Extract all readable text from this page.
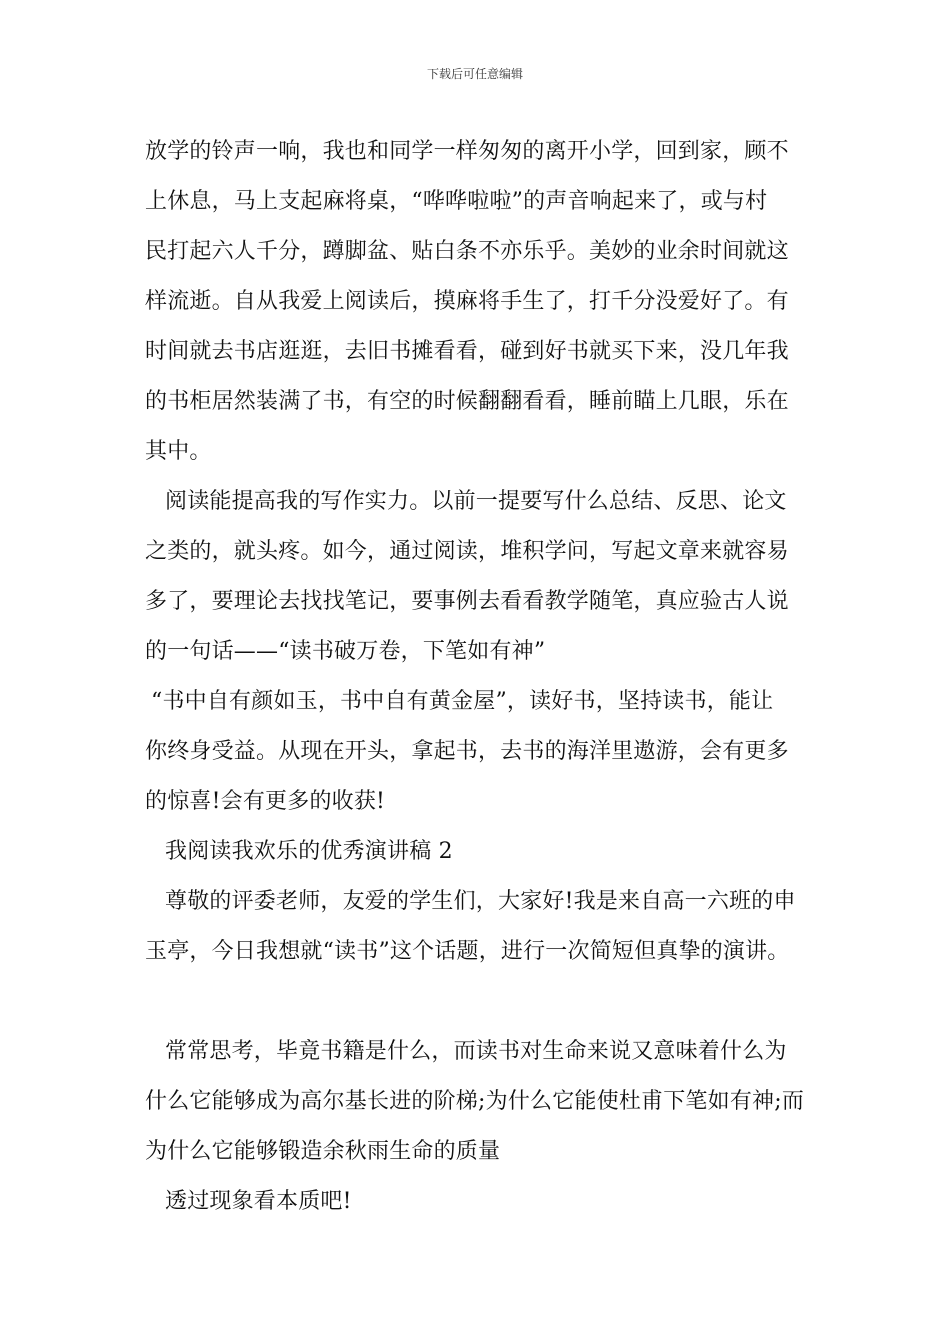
下载后可任意编辑
放学的铃声一响，我也和同学一样匆匆的离开小学，回到家，顾不
上休息，马上支起麻将桌，“哗哗啦啦”的声音响起来了，或与村
民打起六人千分，蹲脚盆、贴白条不亦乐乎。美妙的业余时间就这
样流逝。自从我爱上阅读后，摸麻将手生了，打千分没爱好了。有
时间就去书店逛逛，去旧书摊看看，碰到好书就买下来，没几年我
的书柜居然装满了书，有空的时候翻翻看看，睡前瞄上几眼，乐在
其中。
阅读能提高我的写作实力。以前一提要写什么总结、反思、论文
之类的，就头疼。如今，通过阅读，堆积学问，写起文章来就容易
多了，要理论去找找笔记，要事例去看看教学随笔，真应验古人说
的一句话——“读书破万卷，下笔如有神”
“书中自有颜如玉，书中自有黄金屋”，读好书，坚持读书，能让
你终身受益。从现在开头，拿起书，去书的海洋里遨游，会有更多
的惊喜!会有更多的收获!
我阅读我欢乐的优秀演讲稿 2
尊敬的评委老师，友爱的学生们，大家好!我是来自高一六班的申
玉亭，今日我想就“读书”这个话题，进行一次简短但真挚的演讲。
常常思考，毕竟书籍是什么，而读书对生命来说又意味着什么为
什么它能够成为高尔基长进的阶梯;为什么它能使杜甫下笔如有神;而
为什么它能够锻造余秋雨生命的质量
透过现象看本质吧!
